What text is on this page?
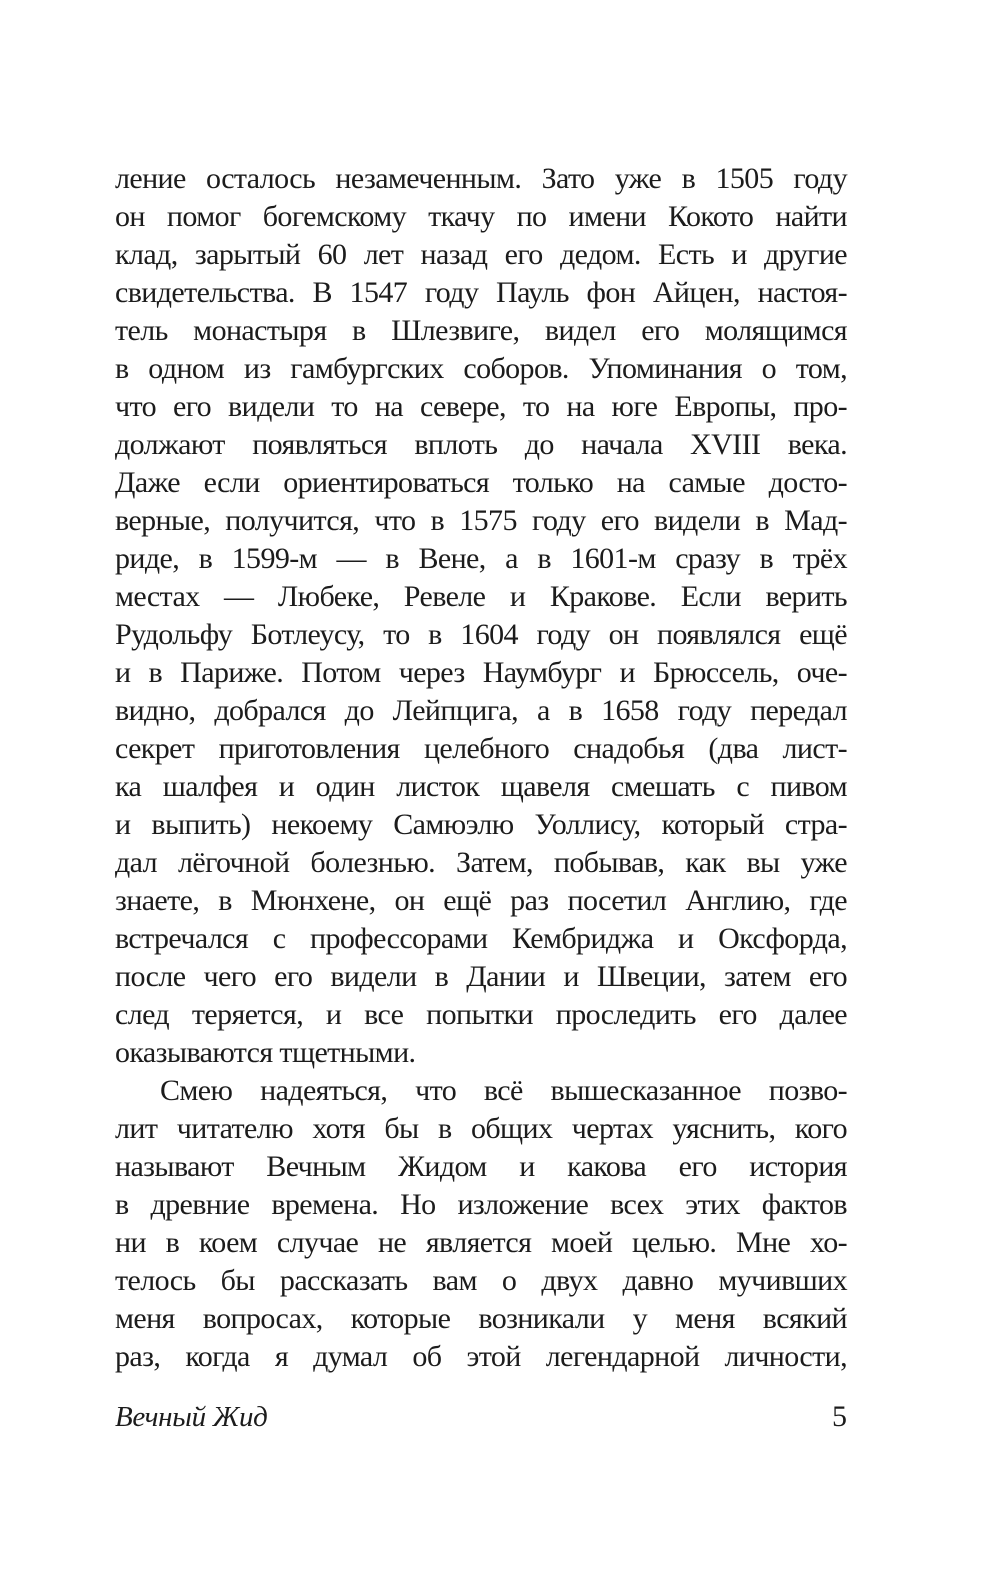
ление осталось незамеченным. Зато уже в 1505 году
он помог богемскому ткачу по имени Кокото найти
клад, зарытый 60 лет назад его дедом. Есть и другие
свидетельства. В 1547 году Пауль фон Айцен, настоя-
тель монастыря в Шлезвиге, видел его молящимся
в одном из гамбургских соборов. Упоминания о том,
что его видели то на севере, то на юге Европы, про-
должают появляться вплоть до начала XVIII века.
Даже если ориентироваться только на самые досто-
верные, получится, что в 1575 году его видели в Мад-
риде, в 1599-м — в Вене, а в 1601-м сразу в трёх
местах — Любеке, Ревеле и Кракове. Если верить
Рудольфу Ботлеусу, то в 1604 году он появлялся ещё
и в Париже. Потом через Наумбург и Брюссель, оче-
видно, добрался до Лейпцига, а в 1658 году передал
секрет приготовления целебного снадобья (два лист-
ка шалфея и один листок щавеля смешать с пивом
и выпить) некоему Самюэлю Уоллису, который стра-
дал лёгочной болезнью. Затем, побывав, как вы уже
знаете, в Мюнхене, он ещё раз посетил Англию, где
встречался с профессорами Кембриджа и Оксфорда,
после чего его видели в Дании и Швеции, затем его
след теряется, и все попытки проследить его далее
оказываются тщетными.
Смею надеяться, что всё вышесказанное позво-
лит читателю хотя бы в общих чертах уяснить, кого
называют Вечным Жидом и какова его история
в древние времена. Но изложение всех этих фактов
ни в коем случае не является моей целью. Мне хо-
телось бы рассказать вам о двух давно мучивших
меня вопросах, которые возникали у меня всякий
раз, когда я думал об этой легендарной личности,
Вечный Жид	5
